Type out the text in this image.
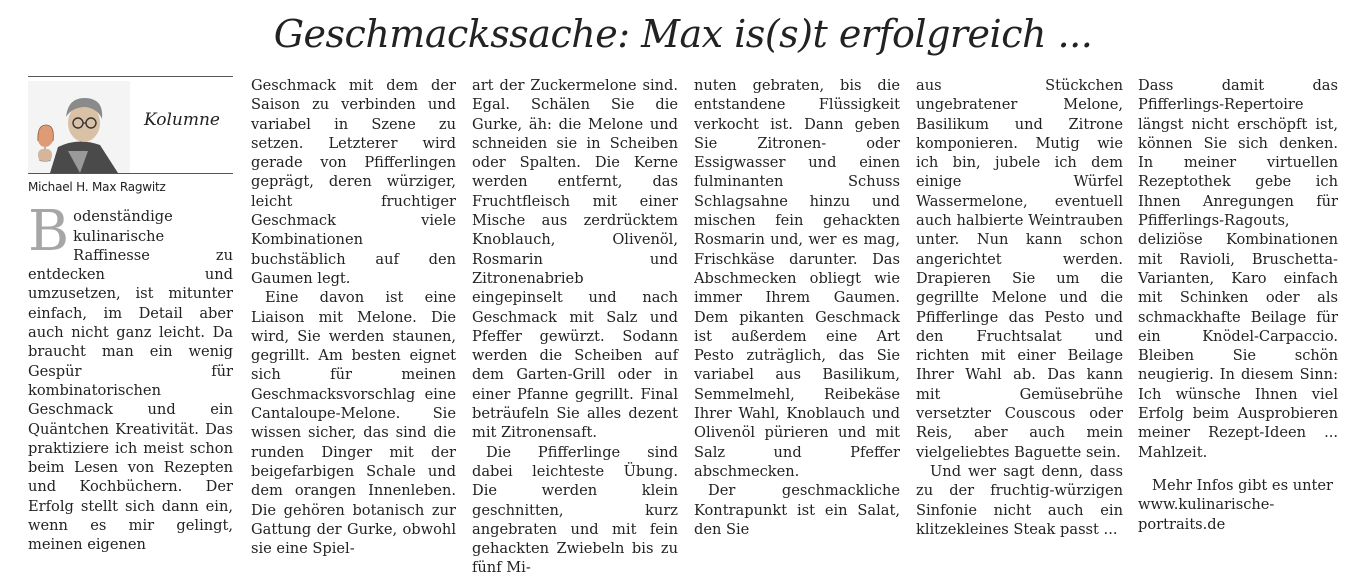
Geschmackssache: Max is(s)t erfolgreich ...
Kolumne
Michael H. Max Ragwitz

Bodenständige kulinarische Raffinesse zu entdecken und umzusetzen, ist mitunter einfach, im Detail aber auch nicht ganz leicht. Da braucht man ein wenig Gespür für kombinatorischen Geschmack und ein Quäntchen Kreativität. Das praktiziere ich meist schon beim Lesen von Rezepten und Kochbüchern. Der Erfolg stellt sich dann ein, wenn es mir gelingt, meinen eigenen

Geschmack mit dem der Saison zu verbinden und variabel in Szene zu setzen. Letzterer wird gerade von Pfifferlingen geprägt, deren würziger, leicht fruchtiger Geschmack viele Kombinationen buchstäblich auf den Gaumen legt.

Eine davon ist eine Liaison mit Melone. Die wird, Sie werden staunen, gegrillt. Am besten eignet sich für meinen Geschmacksvorschlag eine Cantaloupe-Melone. Sie wissen sicher, das sind die runden Dinger mit der beigefarbigen Schale und dem orangen Innenleben. Die gehören botanisch zur Gattung der Gurke, obwohl sie eine Spiel-

art der Zuckermelone sind. Egal. Schälen Sie die Gurke, äh: die Melone und schneiden sie in Scheiben oder Spalten. Die Kerne werden entfernt, das Fruchtfleisch mit einer Mische aus zerdrücktem Knoblauch, Olivenöl, Rosmarin und Zitronenabrieb eingepinselt und nach Geschmack mit Salz und Pfeffer gewürzt. Sodann werden die Scheiben auf dem Garten-Grill oder in einer Pfanne gegrillt. Final beträufeln Sie alles dezent mit Zitronensaft.

Die Pfifferlinge sind dabei leichteste Übung. Die werden klein geschnitten, kurz angebraten und mit fein gehackten Zwiebeln bis zu fünf Mi-

nuten gebraten, bis die entstandene Flüssigkeit verkocht ist. Dann geben Sie Zitronen- oder Essigwasser und einen fulminanten Schuss Schlagsahne hinzu und mischen fein gehackten Rosmarin und, wer es mag, Frischkäse darunter. Das Abschmecken obliegt wie immer Ihrem Gaumen. Dem pikanten Geschmack ist außerdem eine Art Pesto zuträglich, das Sie variabel aus Basilikum, Semmelmehl, Reibekäse Ihrer Wahl, Knoblauch und Olivenöl pürieren und mit Salz und Pfeffer abschmecken.

Der geschmackliche Kontrapunkt ist ein Salat, den Sie

aus Stückchen ungebratener Melone, Basilikum und Zitrone komponieren. Mutig wie ich bin, jubele ich dem einige Würfel Wassermelone, eventuell auch halbierte Weintrauben unter. Nun kann schon angerichtet werden. Drapieren Sie um die gegrillte Melone und die Pfifferlinge das Pesto und den Fruchtsalat und richten mit einer Beilage Ihrer Wahl ab. Das kann mit Gemüsebrühe versetzter Couscous oder Reis, aber auch mein vielgeliebtes Baguette sein.

Und wer sagt denn, dass zu der fruchtig-würzigen Sinfonie nicht auch ein klitzekleines Steak passt ...

Dass damit das Pfifferlings-Repertoire längst nicht erschöpft ist, können Sie sich denken. In meiner virtuellen Rezeptothek gebe ich Ihnen Anregungen für Pfifferlings-Ragouts, deliziöse Kombinationen mit Ravioli, Bruschetta-Varianten, Karo einfach mit Schinken oder als schmackhafte Beilage für ein Knödel-Carpaccio. Bleiben Sie schön neugierig. In diesem Sinn: Ich wünsche Ihnen viel Erfolg beim Ausprobieren meiner Rezept-Ideen ... Mahlzeit.

Mehr Infos gibt es unter www.kulinarische-portraits.de
